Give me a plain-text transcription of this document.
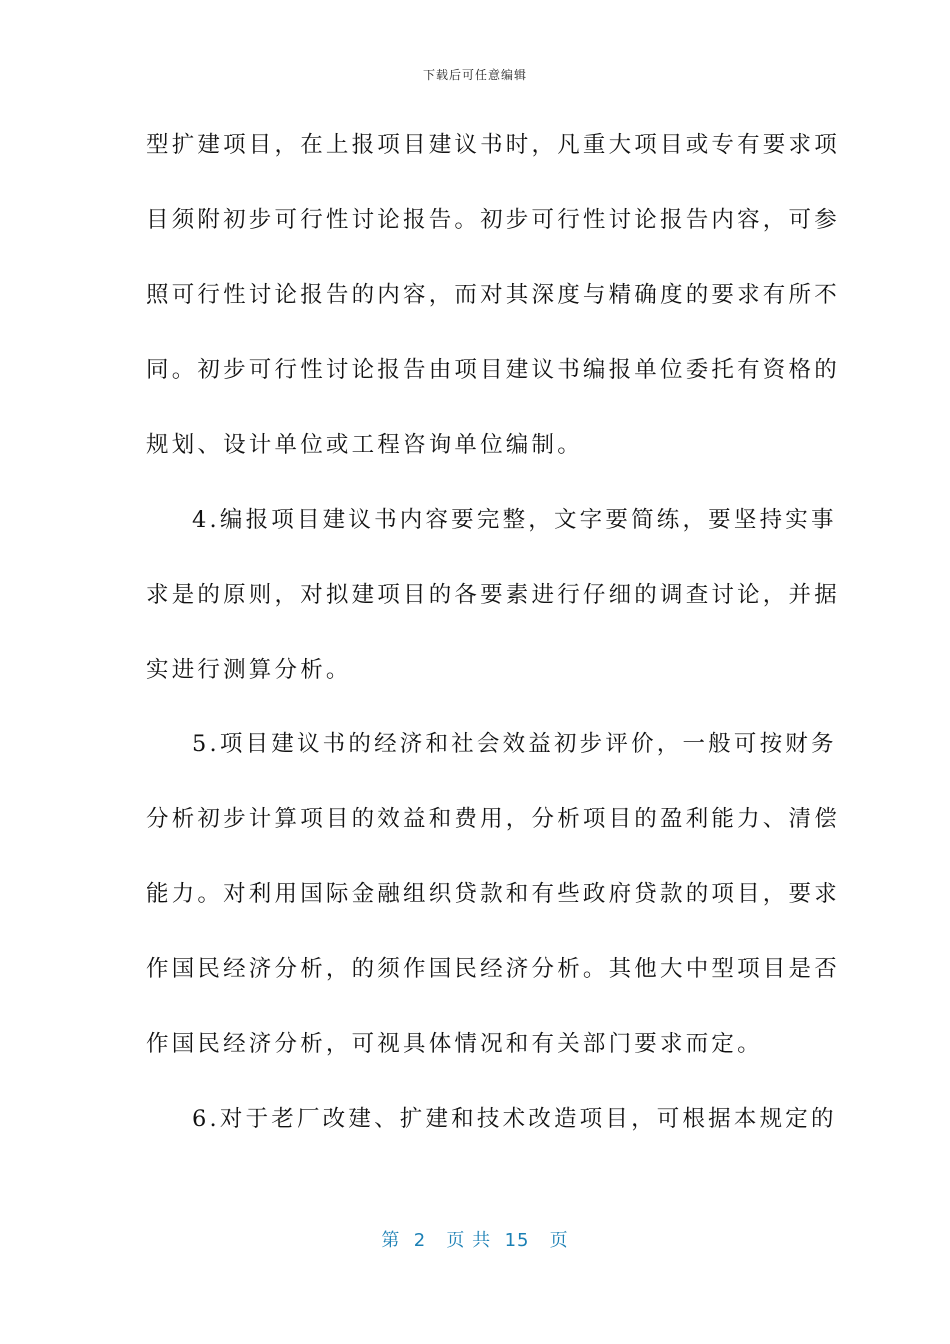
下载后可任意编辑
型扩建项目，在上报项目建议书时，凡重大项目或专有要求项
目须附初步可行性讨论报告。初步可行性讨论报告内容，可参
照可行性讨论报告的内容，而对其深度与精确度的要求有所不
同。初步可行性讨论报告由项目建议书编报单位委托有资格的
规划、设计单位或工程咨询单位编制。
4.编报项目建议书内容要完整，文字要简练，要坚持实事
求是的原则，对拟建项目的各要素进行仔细的调查讨论，并据
实进行测算分析。
5.项目建议书的经济和社会效益初步评价，一般可按财务
分析初步计算项目的效益和费用，分析项目的盈利能力、清偿
能力。对利用国际金融组织贷款和有些政府贷款的项目，要求
作国民经济分析，的须作国民经济分析。其他大中型项目是否
作国民经济分析，可视具体情况和有关部门要求而定。
6.对于老厂改建、扩建和技术改造项目，可根据本规定的
第  2   页 共  15   页
